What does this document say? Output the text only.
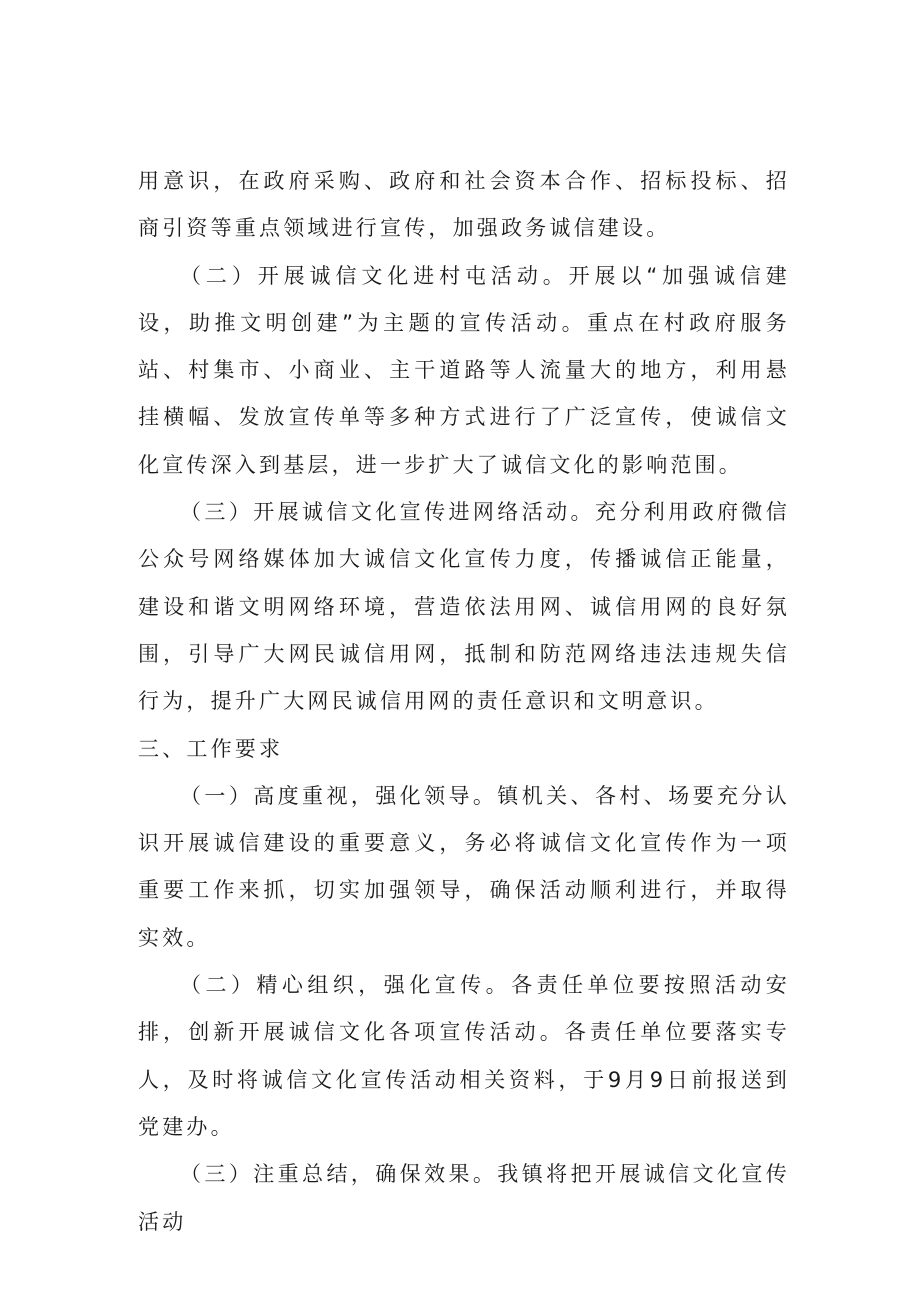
用意识，在政府采购、政府和社会资本合作、招标投标、招商引资等重点领域进行宣传，加强政务诚信建设。

（二）开展诚信文化进村屯活动。开展以“加强诚信建设，助推文明创建”为主题的宣传活动。重点在村政府服务站、村集市、小商业、主干道路等人流量大的地方，利用悬挂横幅、发放宣传单等多种方式进行了广泛宣传，使诚信文化宣传深入到基层，进一步扩大了诚信文化的影响范围。

（三）开展诚信文化宣传进网络活动。充分利用政府微信公众号网络媒体加大诚信文化宣传力度，传播诚信正能量，建设和谐文明网络环境，营造依法用网、诚信用网的良好氛围，引导广大网民诚信用网，抵制和防范网络违法违规失信行为，提升广大网民诚信用网的责任意识和文明意识。

三、工作要求

（一）高度重视，强化领导。镇机关、各村、场要充分认识开展诚信建设的重要意义，务必将诚信文化宣传作为一项重要工作来抓，切实加强领导，确保活动顺利进行，并取得实效。

（二）精心组织，强化宣传。各责任单位要按照活动安排，创新开展诚信文化各项宣传活动。各责任单位要落实专人，及时将诚信文化宣传活动相关资料，于9月9日前报送到党建办。

（三）注重总结，确保效果。我镇将把开展诚信文化宣传活动
